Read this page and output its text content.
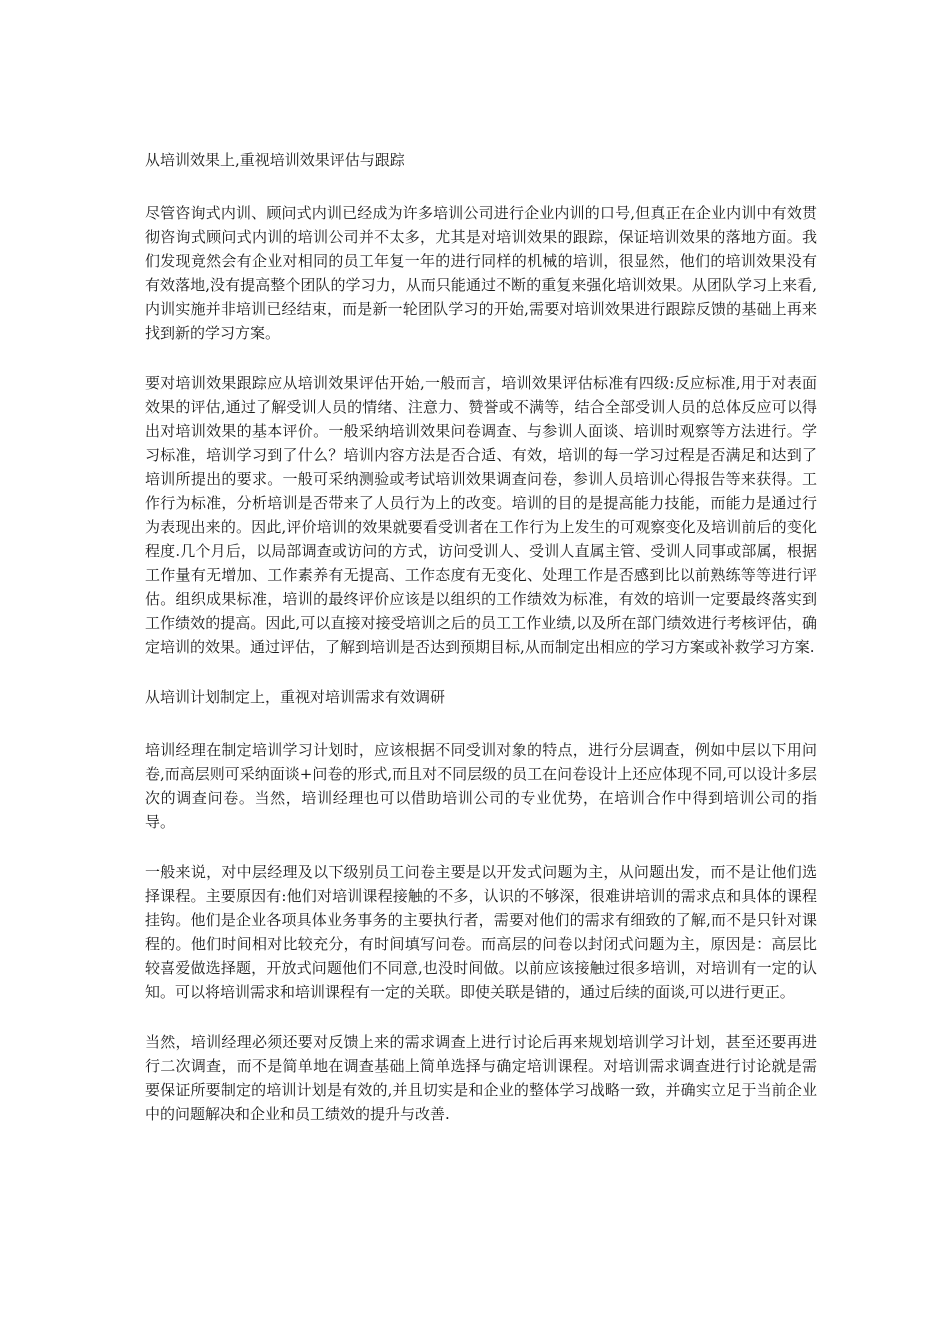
从培训效果上,重视培训效果评估与跟踪

尽管咨询式内训、顾问式内训已经成为许多培训公司进行企业内训的口号,但真正在企业内训中有效贯彻咨询式顾问式内训的培训公司并不太多，尤其是对培训效果的跟踪，保证培训效果的落地方面。我们发现竟然会有企业对相同的员工年复一年的进行同样的机械的培训，很显然，他们的培训效果没有有效落地,没有提高整个团队的学习力，从而只能通过不断的重复来强化培训效果。从团队学习上来看,内训实施并非培训已经结束，而是新一轮团队学习的开始,需要对培训效果进行跟踪反馈的基础上再来找到新的学习方案。

要对培训效果跟踪应从培训效果评估开始,一般而言，培训效果评估标准有四级:反应标准,用于对表面效果的评估,通过了解受训人员的情绪、注意力、赞誉或不满等，结合全部受训人员的总体反应可以得出对培训效果的基本评价。一般采纳培训效果问卷调查、与参训人面谈、培训时观察等方法进行。学习标准，培训学习到了什么？培训内容方法是否合适、有效，培训的每一学习过程是否满足和达到了培训所提出的要求。一般可采纳测验或考试培训效果调查问卷，参训人员培训心得报告等来获得。工作行为标准，分析培训是否带来了人员行为上的改变。培训的目的是提高能力技能，而能力是通过行为表现出来的。因此,评价培训的效果就要看受训者在工作行为上发生的可观察变化及培训前后的变化程度.几个月后，以局部调查或访问的方式，访问受训人、受训人直属主管、受训人同事或部属，根据工作量有无增加、工作素养有无提高、工作态度有无变化、处理工作是否感到比以前熟练等等进行评估。组织成果标准，培训的最终评价应该是以组织的工作绩效为标准，有效的培训一定要最终落实到工作绩效的提高。因此,可以直接对接受培训之后的员工工作业绩,以及所在部门绩效进行考核评估，确定培训的效果。通过评估，了解到培训是否达到预期目标,从而制定出相应的学习方案或补救学习方案.

从培训计划制定上，重视对培训需求有效调研

培训经理在制定培训学习计划时，应该根据不同受训对象的特点，进行分层调查，例如中层以下用问卷,而高层则可采纳面谈+问卷的形式,而且对不同层级的员工在问卷设计上还应体现不同,可以设计多层次的调查问卷。当然，培训经理也可以借助培训公司的专业优势，在培训合作中得到培训公司的指导。

一般来说，对中层经理及以下级别员工问卷主要是以开发式问题为主，从问题出发，而不是让他们选择课程。主要原因有:他们对培训课程接触的不多，认识的不够深，很难讲培训的需求点和具体的课程挂钩。他们是企业各项具体业务事务的主要执行者，需要对他们的需求有细致的了解,而不是只针对课程的。他们时间相对比较充分，有时间填写问卷。而高层的问卷以封闭式问题为主，原因是：高层比较喜爱做选择题，开放式问题他们不同意,也没时间做。以前应该接触过很多培训，对培训有一定的认知。可以将培训需求和培训课程有一定的关联。即使关联是错的，通过后续的面谈,可以进行更正。

当然，培训经理必须还要对反馈上来的需求调查上进行讨论后再来规划培训学习计划，甚至还要再进行二次调查，而不是简单地在调查基础上简单选择与确定培训课程。对培训需求调查进行讨论就是需要保证所要制定的培训计划是有效的,并且切实是和企业的整体学习战略一致，并确实立足于当前企业中的问题解决和企业和员工绩效的提升与改善.
